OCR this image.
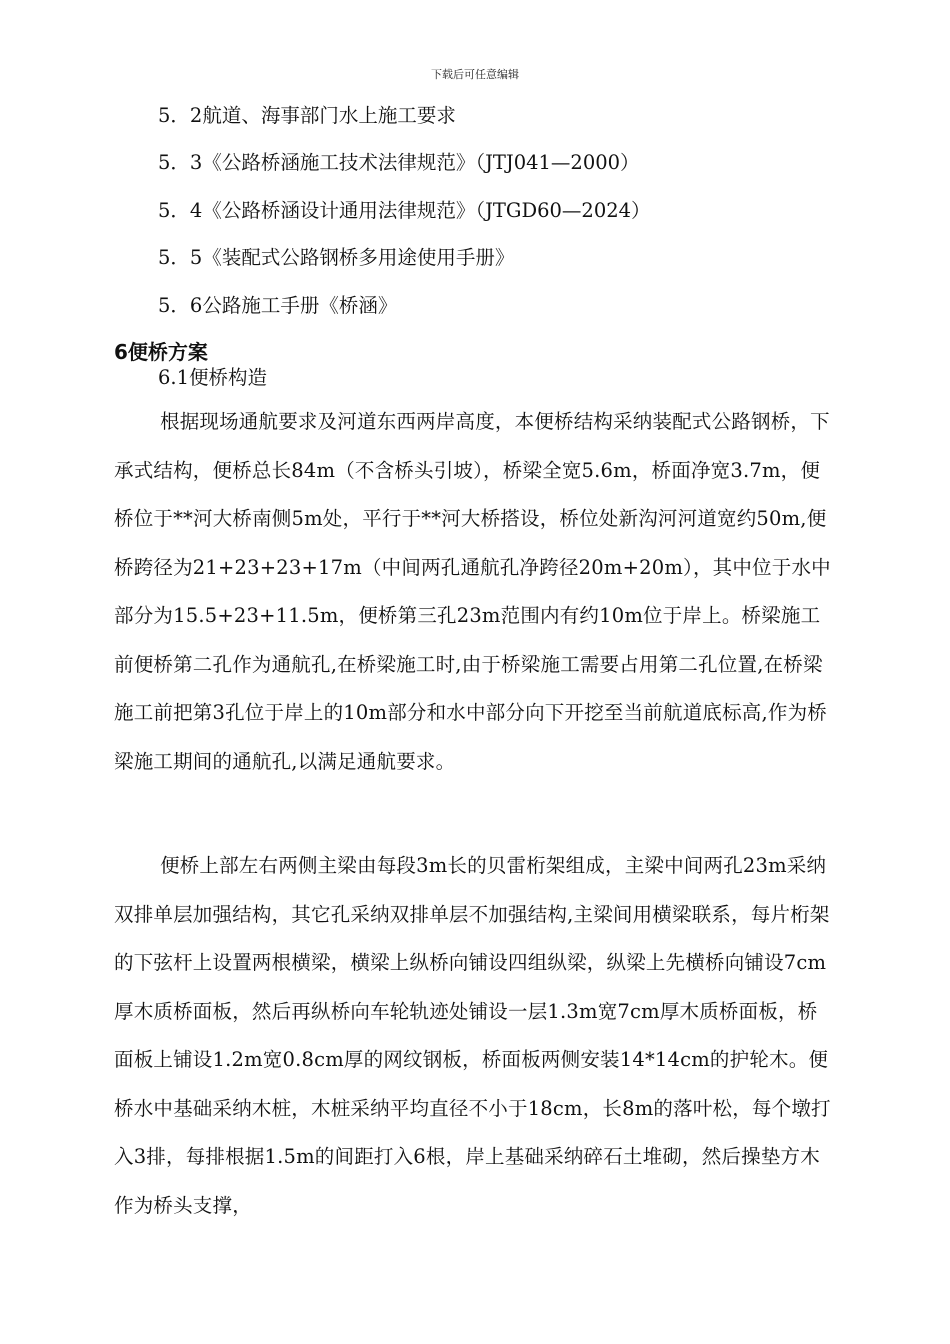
下载后可任意编辑
5．2航道、海事部门水上施工要求
5．3《公路桥涵施工技术法律规范》（JTJ041—2000）
5．4《公路桥涵设计通用法律规范》（JTGD60—2024）
5．5《装配式公路钢桥多用途使用手册》
5．6公路施工手册《桥涵》
6便桥方案
6.1便桥构造

根据现场通航要求及河道东西两岸高度，本便桥结构采纳装配式公路钢桥，下承式结构，便桥总长84m（不含桥头引坡），桥梁全宽5.6m，桥面净宽3.7m，便桥位于**河大桥南侧5m处，平行于**河大桥搭设，桥位处新沟河河道宽约50m,便桥跨径为21+23+23+17m（中间两孔通航孔净跨径20m+20m），其中位于水中部分为15.5+23+11.5m，便桥第三孔23m范围内有约10m位于岸上。桥梁施工前便桥第二孔作为通航孔,在桥梁施工时,由于桥梁施工需要占用第二孔位置,在桥梁施工前把第3孔位于岸上的10m部分和水中部分向下开挖至当前航道底标高,作为桥梁施工期间的通航孔,以满足通航要求。

便桥上部左右两侧主梁由每段3m长的贝雷桁架组成，主梁中间两孔23m采纳双排单层加强结构，其它孔采纳双排单层不加强结构,主梁间用横梁联系，每片桁架的下弦杆上设置两根横梁，横梁上纵桥向铺设四组纵梁，纵梁上先横桥向铺设7cm厚木质桥面板，然后再纵桥向车轮轨迹处铺设一层1.3m宽7cm厚木质桥面板，桥面板上铺设1.2m宽0.8cm厚的网纹钢板，桥面板两侧安装14*14cm的护轮木。便桥水中基础采纳木桩，木桩采纳平均直径不小于18cm，长8m的落叶松，每个墩打入3排，每排根据1.5m的间距打入6根，岸上基础采纳碎石土堆砌，然后操垫方木作为桥头支撑，
